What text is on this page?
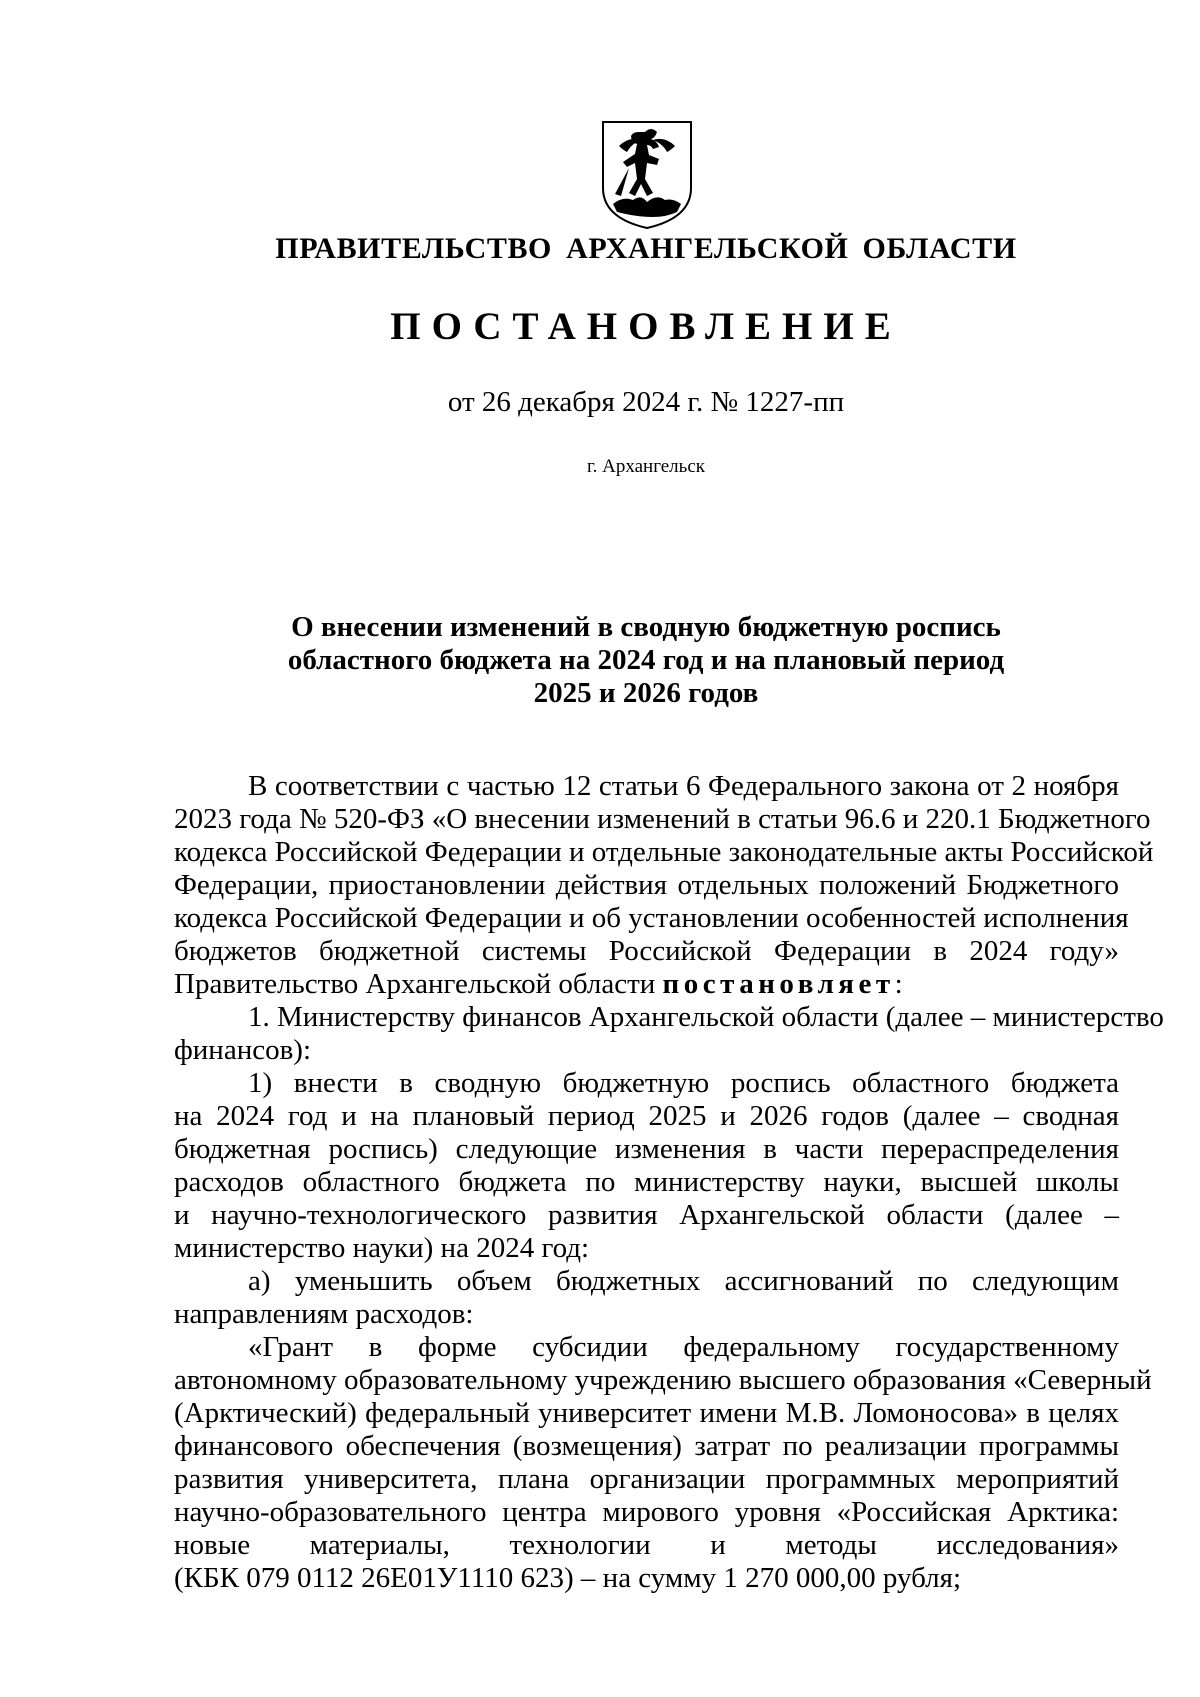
ПРАВИТЕЛЬСТВО АРХАНГЕЛЬСКОЙ ОБЛАСТИ
ПОСТАНОВЛЕНИЕ
от 26 декабря 2024 г. № 1227-пп
г. Архангельск
О внесении изменений в сводную бюджетную роспись
областного бюджета на 2024 год и на плановый период
2025 и 2026 годов
В соответствии с частью 12 статьи 6 Федерального закона от 2 ноября
2023 года № 520-ФЗ «О внесении изменений в статьи 96.6 и 220.1 Бюджетного
кодекса Российской Федерации и отдельные законодательные акты Российской
Федерации, приостановлении действия отдельных положений Бюджетного
кодекса Российской Федерации и об установлении особенностей исполнения
бюджетов бюджетной системы Российской Федерации в 2024 году»
Правительство Архангельской области постановляет:
1. Министерству финансов Архангельской области (далее – министерство
финансов):
1) внести в сводную бюджетную роспись областного бюджета
на 2024 год и на плановый период 2025 и 2026 годов (далее – сводная
бюджетная роспись) следующие изменения в части перераспределения
расходов областного бюджета по министерству науки, высшей школы
и научно-технологического развития Архангельской области (далее –
министерство науки) на 2024 год:
а) уменьшить объем бюджетных ассигнований по следующим
направлениям расходов:
«Грант в форме субсидии федеральному государственному
автономному образовательному учреждению высшего образования «Северный
(Арктический) федеральный университет имени М.В. Ломоносова» в целях
финансового обеспечения (возмещения) затрат по реализации программы
развития университета, плана организации программных мероприятий
научно-образовательного центра мирового уровня «Российская Арктика:
новые материалы, технологии и методы исследования»
(КБК 079 0112 26Е01У1110 623) – на сумму 1 270 000,00 рубля;
